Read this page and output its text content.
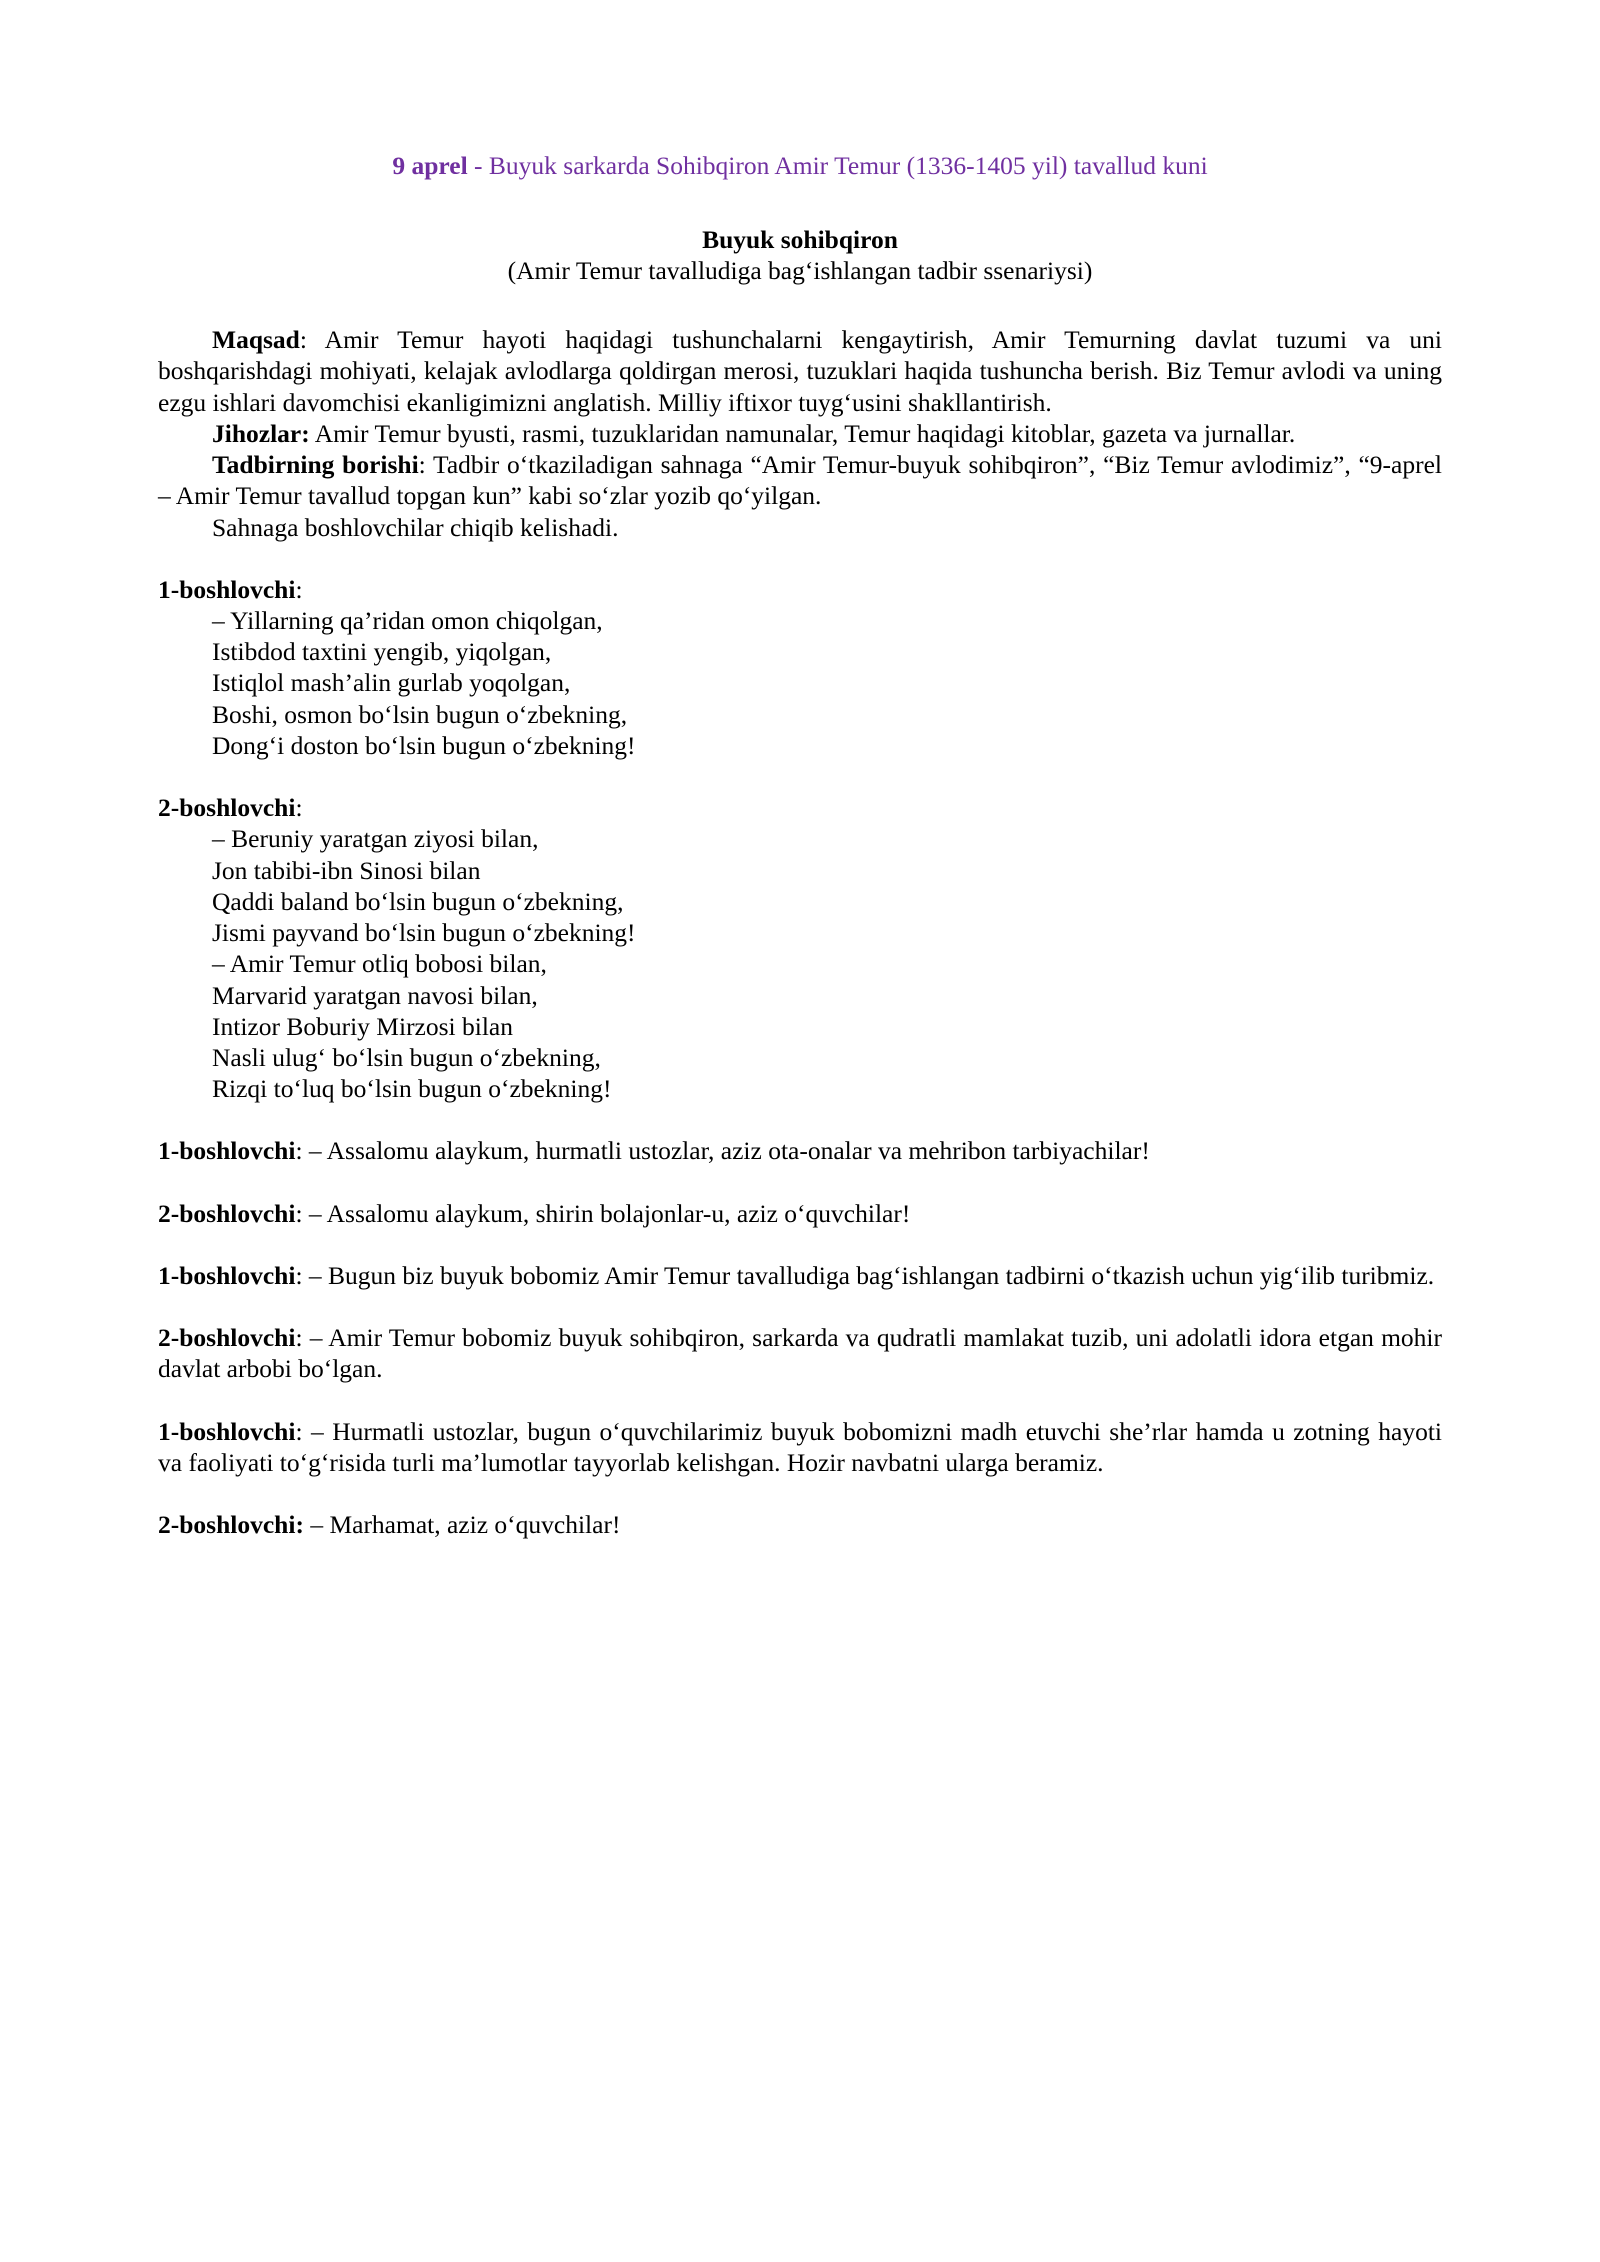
9 aprel - Buyuk sarkarda Sohibqiron Amir Temur (1336-1405 yil) tavallud kuni
Buyuk sohibqiron
(Amir Temur tavalludiga bag‘ishlangan tadbir ssenariysi)

Maqsad: Amir Temur hayoti haqidagi tushunchalarni kengaytirish, Amir Temurning davlat tuzumi va uni boshqarishdagi mohiyati, kelajak avlodlarga qoldirgan merosi, tuzuklari haqida tushuncha berish. Biz Temur avlodi va uning ezgu ishlari davomchisi ekanligimizni anglatish. Milliy iftixor tuyg‘usini shakllantirish.

Jihozlar: Amir Temur byusti, rasmi, tuzuklaridan namunalar, Temur haqidagi kitoblar, gazeta va jurnallar.

Tadbirning borishi: Tadbir o‘tkaziladigan sahnaga “Amir Temur-buyuk sohibqiron”, “Biz Temur avlodimiz”, “9-aprel – Amir Temur tavallud topgan kun” kabi so‘zlar yozib qo‘yilgan.

Sahnaga boshlovchilar chiqib kelishadi.

1-boshlovchi:
– Yillarning qa’ridan omon chiqolgan,
Istibdod taxtini yengib, yiqolgan,
Istiqlol mash’alin gurlab yoqolgan,
Boshi, osmon bo‘lsin bugun o‘zbekning,
Dong‘i doston bo‘lsin bugun o‘zbekning!
2-boshlovchi:
– Beruniy yaratgan ziyosi bilan,
Jon tabibi-ibn Sinosi bilan
Qaddi baland bo‘lsin bugun o‘zbekning,
Jismi payvand bo‘lsin bugun o‘zbekning!
– Amir Temur otliq bobosi bilan,
Marvarid yaratgan navosi bilan,
Intizor Boburiy Mirzosi bilan
Nasli ulug‘ bo‘lsin bugun o‘zbekning,
Rizqi to‘luq bo‘lsin bugun o‘zbekning!

1-boshlovchi: – Assalomu alaykum, hurmatli ustozlar, aziz ota-onalar va mehribon tarbiyachilar!

2-boshlovchi: – Assalomu alaykum, shirin bolajonlar-u, aziz o‘quvchilar!

1-boshlovchi: – Bugun biz buyuk bobomiz Amir Temur tavalludiga bag‘ishlangan tadbirni o‘tkazish uchun yig‘ilib turibmiz.

2-boshlovchi: – Amir Temur bobomiz buyuk sohibqiron, sarkarda va qudratli mamlakat tuzib, uni adolatli idora etgan mohir davlat arbobi bo‘lgan.

1-boshlovchi: – Hurmatli ustozlar, bugun o‘quvchilarimiz buyuk bobomizni madh etuvchi she’rlar hamda u zotning hayoti va faoliyati to‘g‘risida turli ma’lumotlar tayyorlab kelishgan. Hozir navbatni ularga beramiz.

2-boshlovchi: – Marhamat, aziz o‘quvchilar!
